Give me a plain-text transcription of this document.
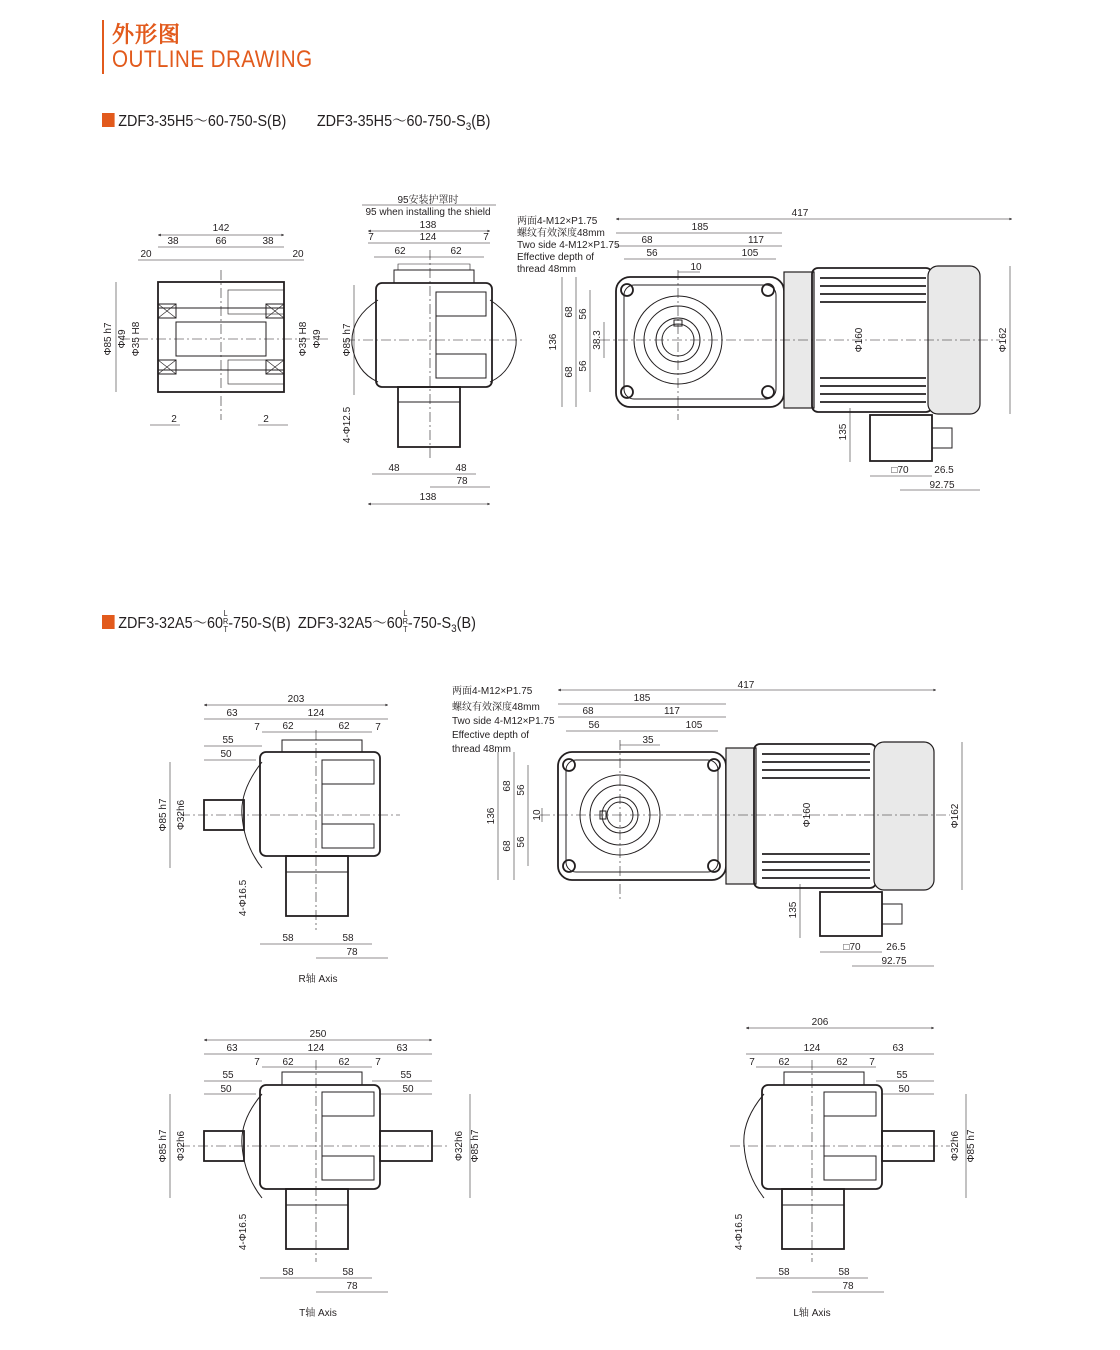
外形图
OUTLINE DRAWING
ZDF3-35H5～60-750-S(B) $ZDF3-35H5\sim 60-750-S_3(B)$
ZDF3-32A5～60
L
R
T -750-S(B) ZDF3-32A5～60
L
R
T $-750-S_3(B)$
142
38	66	38
20	20
2	2
Φ85 h7 Φ49 Φ35 H8	Φ35 H8 Φ49
95安装护罩时
95 when installing the shield
138
7	124	7
62	62
Φ85 h7
4-Φ12.5
48	48
78
138
两面4-M12×P1.75
螺纹有效深度48mm
Two side 4-M12×P1.75
Effective depth of
thread 48mm
417
185
68	117
56	105
10
136
68
68
56
56
38.3	Φ160	Φ162
135
□70	26.5
92.75
203
63
7
124
7
62	62
55
50
Φ85 h7 Φ32h6
4-Φ16.5
58	58
78
R轴 Axis
两面4-M12×P1.75
螺纹有效深度48mm
Two side 4-M12×P1.75
Effective depth of
thread 48mm
417
185
68	117
56	105
35
136
68
68
56
56
10	Φ160	Φ162
135
□70	26.5
92.75
250
63	124	63
7 62	62	7
55	55
50	50
Φ85 h7 Φ32h6	Φ32h6 Φ85 h7
4-Φ16.5
58	58
78
T轴 Axis
206
124	63
7 62	62 7
55
50
Φ32h6 Φ85 h7
4-Φ16.5
58	58
78
L轴 Axis
